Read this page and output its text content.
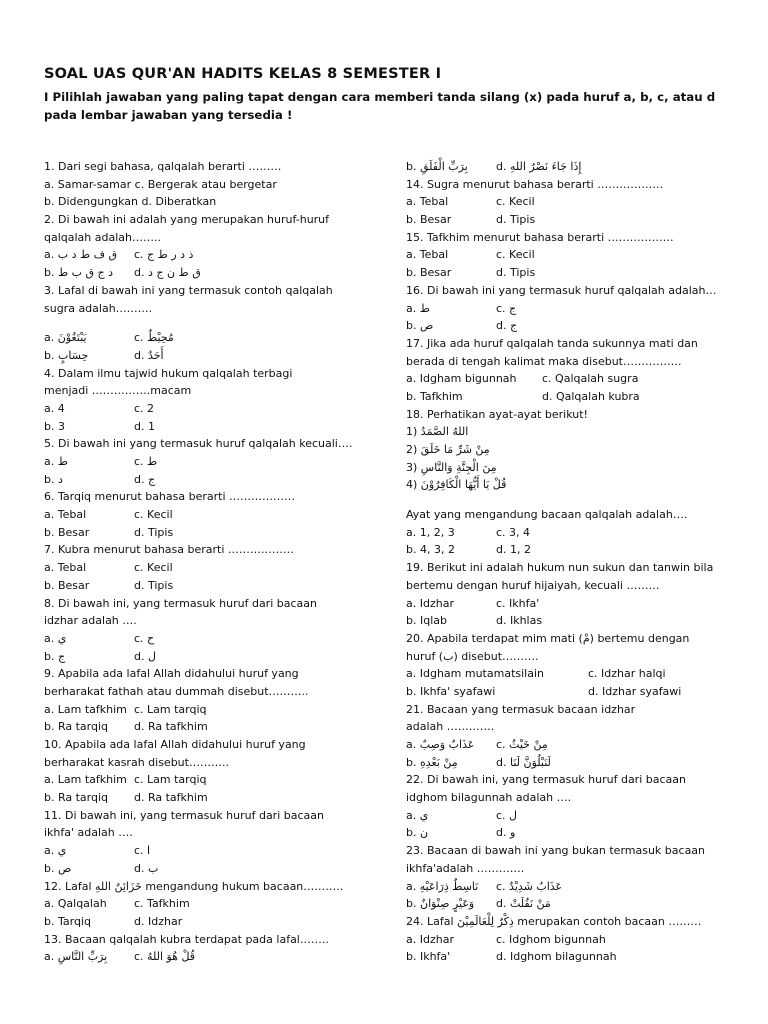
SOAL UAS QUR'AN HADITS KELAS 8 SEMESTER I
I Pilihlah jawaban yang paling tapat dengan cara memberi tanda silang (x) pada huruf a, b, c, atau d pada lembar jawaban yang tersedia !
1. Dari segi bahasa, qalqalah berarti ………
a. Samar-samar c. Bergerak atau bergetar
b. Didengungkan d. Diberatkan
2. Di bawah ini adalah yang merupakan huruf-huruf
qalqalah adalah……..
a. ق ف ط د ب	c. ذ د ر ط ج
b. د ج ق ب ط	d. ق ط ن ج د
3. Lafal di bawah ini yang termasuk contoh qalqalah
sugra adalah……….
a. يَبْتَغُوْنَ	c. مُحِيْطٌ
b. حِسَابٍ	d. أَحَدٌ
4. Dalam ilmu tajwid hukum qalqalah terbagi
menjadi …………….macam
a. 4	c. 2
b. 3	d. 1
5. Di bawah ini yang termasuk huruf qalqalah kecuali….
a. ط	c. ط
b. د	d. ج
6. Tarqiq menurut bahasa berarti ………………
a. Tebal	c. Kecil
b. Besar	d. Tipis
7. Kubra menurut bahasa berarti ………………
a. Tebal	c. Kecil
b. Besar	d. Tipis
8. Di bawah ini, yang termasuk huruf dari bacaan
idzhar adalah ….
a. ي	c. ح
b. ج	d. ل
9. Apabila ada lafal Allah didahului huruf yang
berharakat fathah atau dummah disebut………..
a. Lam tafkhim c. Lam tarqiq
b. Ra tarqiq	d. Ra tafkhim
10. Apabila ada lafal Allah didahului huruf yang
berharakat kasrah disebut………..
a. Lam tafkhim c. Lam tarqiq
b. Ra tarqiq	d. Ra tafkhim
11. Di bawah ini, yang termasuk huruf dari bacaan
ikhfa' adalah ….
a. ي	c. ا
b. ص	d. ب
12. Lafal خَزَائِنُ اللهِ mengandung hukum bacaan………..
a. Qalqalah	c. Tafkhim
b. Tarqiq	d. Idzhar
13. Bacaan qalqalah kubra terdapat pada lafal……..
a. بِرَبِّ النَّاسِ	c. قُلْ هُوَ اللهُ
b. بِرَبِّ الْفَلَقِ	d. إِذَا جَاءَ نَصْرُ اللهِ
14. Sugra menurut bahasa berarti ………………
a. Tebal	c. Kecil
b. Besar	d. Tipis
15. Tafkhim menurut bahasa berarti ………………
a. Tebal	c. Kecil
b. Besar	d. Tipis
16. Di bawah ini yang termasuk huruf qalqalah adalah…
a. ط	c. ج
b. ص	d. ج
17. Jika ada huruf qalqalah tanda sukunnya mati dan
berada di tengah kalimat maka disebut…………….
a. Idgham bigunnah	c. Qalqalah sugra
b. Tafkhim	d. Qalqalah kubra
18. Perhatikan ayat-ayat berikut!
1) اللهُ الصَّمَدُ
2) مِنْ شَرِّ مَا خَلَقَ
3) مِنَ الْجِنَّةِ وَالنَّاسِ
4) قُلْ يَا أَيُّهَا الْكَافِرُوْنَ
Ayat yang mengandung bacaan qalqalah adalah….
a. 1, 2, 3	c. 3, 4
b. 4, 3, 2	d. 1, 2
19. Berikut ini adalah hukum nun sukun dan tanwin bila
bertemu dengan huruf hijaiyah, kecuali ………
a. Idzhar	c. Ikhfa'
b. Iqlab	d. Ikhlas
20. Apabila terdapat mim mati (مْ) bertemu dengan
huruf (ب) disebut……….
a. Idgham mutamatsilain	c. Idzhar halqi
b. Ikhfa' syafawi	d. Idzhar syafawi
21. Bacaan yang termasuk bacaan idzhar
adalah ………….
a. عَذَابٌ وَصِبٌ	c. مِنْ خَيْثُ
b. مِنْ بَعْدِهِ	d. لَنَبْلُوَنَّ لَنَا
22. Di bawah ini, yang termasuk huruf dari bacaan
idghom bilagunnah adalah ….
a. ي	c. ل
b. ن	d. و
23. Bacaan di bawah ini yang bukan termasuk bacaan
ikhfa'adalah ………….
a. نَاسِطٌ ذِرَاعَيْهِ	c. عَذَابٌ شَدِيْدٌ
b. وَعَيْرٍ صِنْوَانٌ	d. مَنْ نَقُلَتْ
24. Lafal ذِكْرٌ لِلْعَالَمِيْنَ merupakan contoh bacaan ………
a. Idzhar	c. Idghom bigunnah
b. Ikhfa'	d. Idghom bilagunnah
